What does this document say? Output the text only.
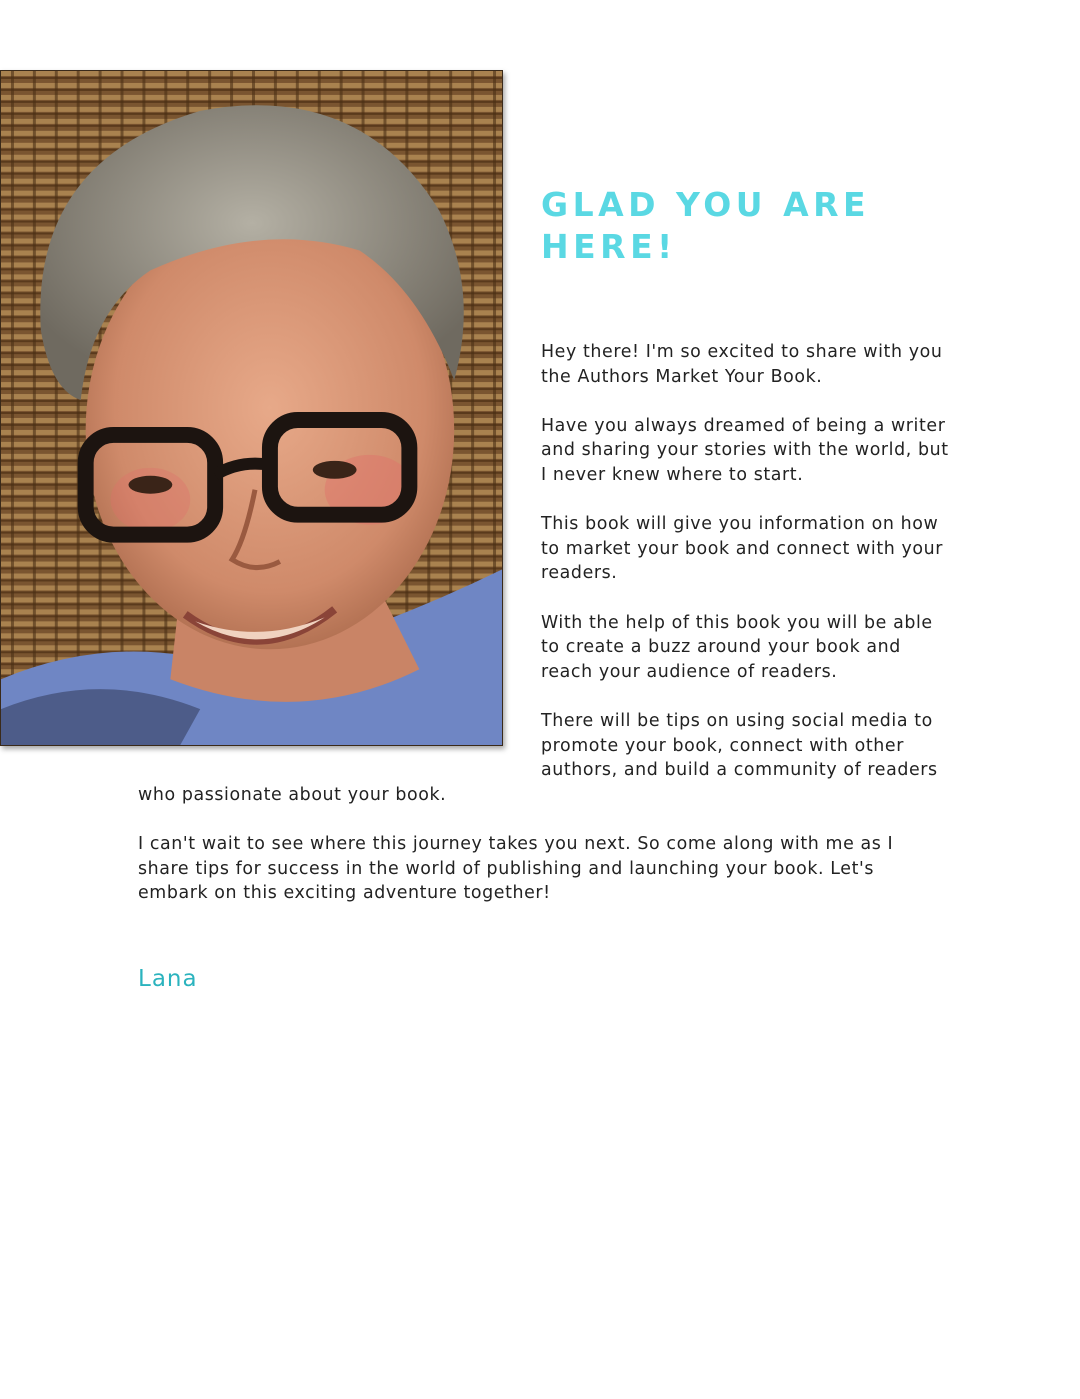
GLAD YOU ARE
HERE!

Hey there! I'm so excited to share with you the Authors Market Your Book.

Have you always dreamed of being a writer and sharing your stories with the world, but I never knew where to start.

This book will give you information on how to market your book and connect with your readers.

With the help of this book you will be able to create a buzz around your book and reach your audience of readers.

There will be tips on using social media to promote your book, connect with other authors, and build a community of readers

who passionate about your book.

I can't wait to see where this journey takes you next. So come along with me as I share tips for success in the world of publishing and launching your book. Let's embark on this exciting adventure together!

Lana
